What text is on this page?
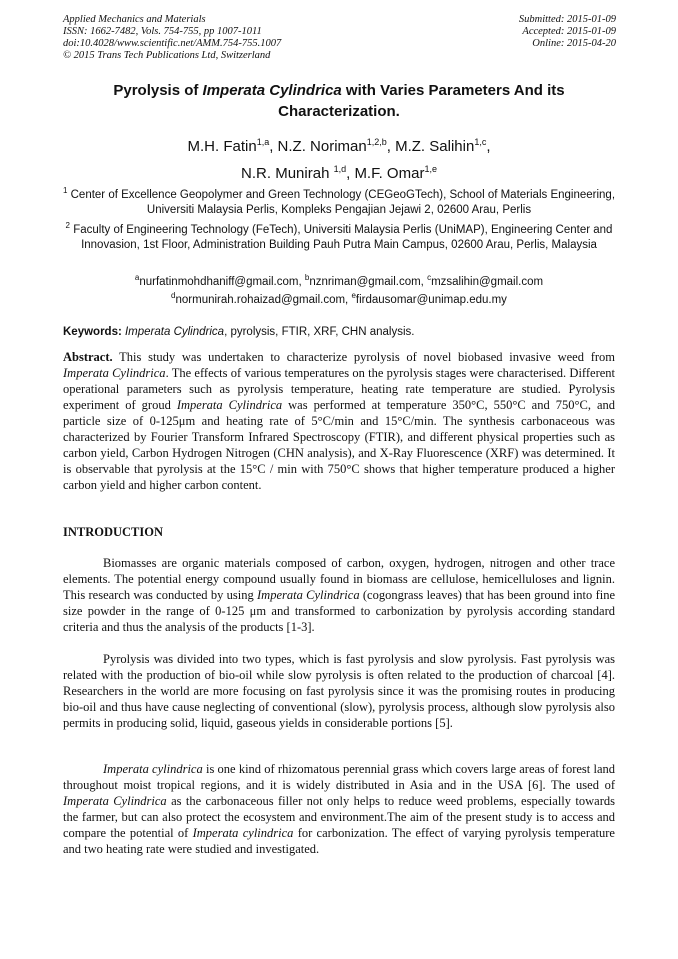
Applied Mechanics and Materials
ISSN: 1662-7482, Vols. 754-755, pp 1007-1011
doi:10.4028/www.scientific.net/AMM.754-755.1007
© 2015 Trans Tech Publications Ltd, Switzerland
Submitted: 2015-01-09
Accepted: 2015-01-09
Online: 2015-04-20
Pyrolysis of Imperata Cylindrica with Varies Parameters And its Characterization.
M.H. Fatin$^{1,a}$, N.Z. Noriman$^{1,2,b}$, M.Z. Salihin$^{1,c}$,
N.R. Munirah $^{1,d}$, M.F. Omar$^{1,e}$
$^1$ Center of Excellence Geopolymer and Green Technology (CEGeoGTech), School of Materials Engineering, Universiti Malaysia Perlis, Kompleks Pengajian Jejawi 2, 02600 Arau, Perlis
$^2$ Faculty of Engineering Technology (FeTech), Universiti Malaysia Perlis (UniMAP), Engineering Center and Innovasion, 1st Floor, Administration Building Pauh Putra Main Campus, 02600 Arau, Perlis, Malaysia
$^a$nurfatinmohdhaniff@gmail.com, $^b$nznriman@gmail.com, $^c$mzsalihin@gmail.com
$^d$normunirah.rohaizad@gmail.com, $^e$firdausomar@unimap.edu.my
Keywords: Imperata Cylindrica, pyrolysis, FTIR, XRF, CHN analysis.

Abstract. This study was undertaken to characterize pyrolysis of novel biobased invasive weed from Imperata Cylindrica. The effects of various temperatures on the pyrolysis stages were characterised. Different operational parameters such as pyrolysis temperature, heating rate temperature are studied. Pyrolysis experiment of groud Imperata Cylindrica was performed at temperature 350°C, 550°C and 750°C, and particle size of 0-125μm and heating rate of 5°C/min and 15°C/min. The synthesis carbonaceous was characterized by Fourier Transform Infrared Spectroscopy (FTIR), and different physical properties such as carbon yield, Carbon Hydrogen Nitrogen (CHN analysis), and X-Ray Fluorescence (XRF) was determined. It is observable that pyrolysis at the 15°C / min with 750°C shows that higher temperature produced a higher carbon yield and higher carbon content.

INTRODUCTION

Biomasses are organic materials composed of carbon, oxygen, hydrogen, nitrogen and other trace elements. The potential energy compound usually found in biomass are cellulose, hemicelluloses and lignin. This research was conducted by using Imperata Cylindrica (cogongrass leaves) that has been ground into fine size powder in the range of 0-125 μm and transformed to carbonization by pyrolysis according standard criteria and thus the analysis of the products [1-3].

Pyrolysis was divided into two types, which is fast pyrolysis and slow pyrolysis. Fast pyrolysis was related with the production of bio-oil while slow pyrolysis is often related to the production of charcoal [4]. Researchers in the world are more focusing on fast pyrolysis since it was the promising routes in producing bio-oil and thus have cause neglecting of conventional (slow), pyrolysis process, although slow pyrolysis also permits in producing solid, liquid, gaseous yields in considerable portions [5].

Imperata cylindrica is one kind of rhizomatous perennial grass which covers large areas of forest land throughout moist tropical regions, and it is widely distributed in Asia and in the USA [6]. The used of Imperata Cylindrica as the carbonaceous filler not only helps to reduce weed problems, especially towards the farmer, but can also protect the ecosystem and environment.The aim of the present study is to access and compare the potential of Imperata cylindrica for carbonization. The effect of varying pyrolysis temperature and two heating rate were studied and investigated.
